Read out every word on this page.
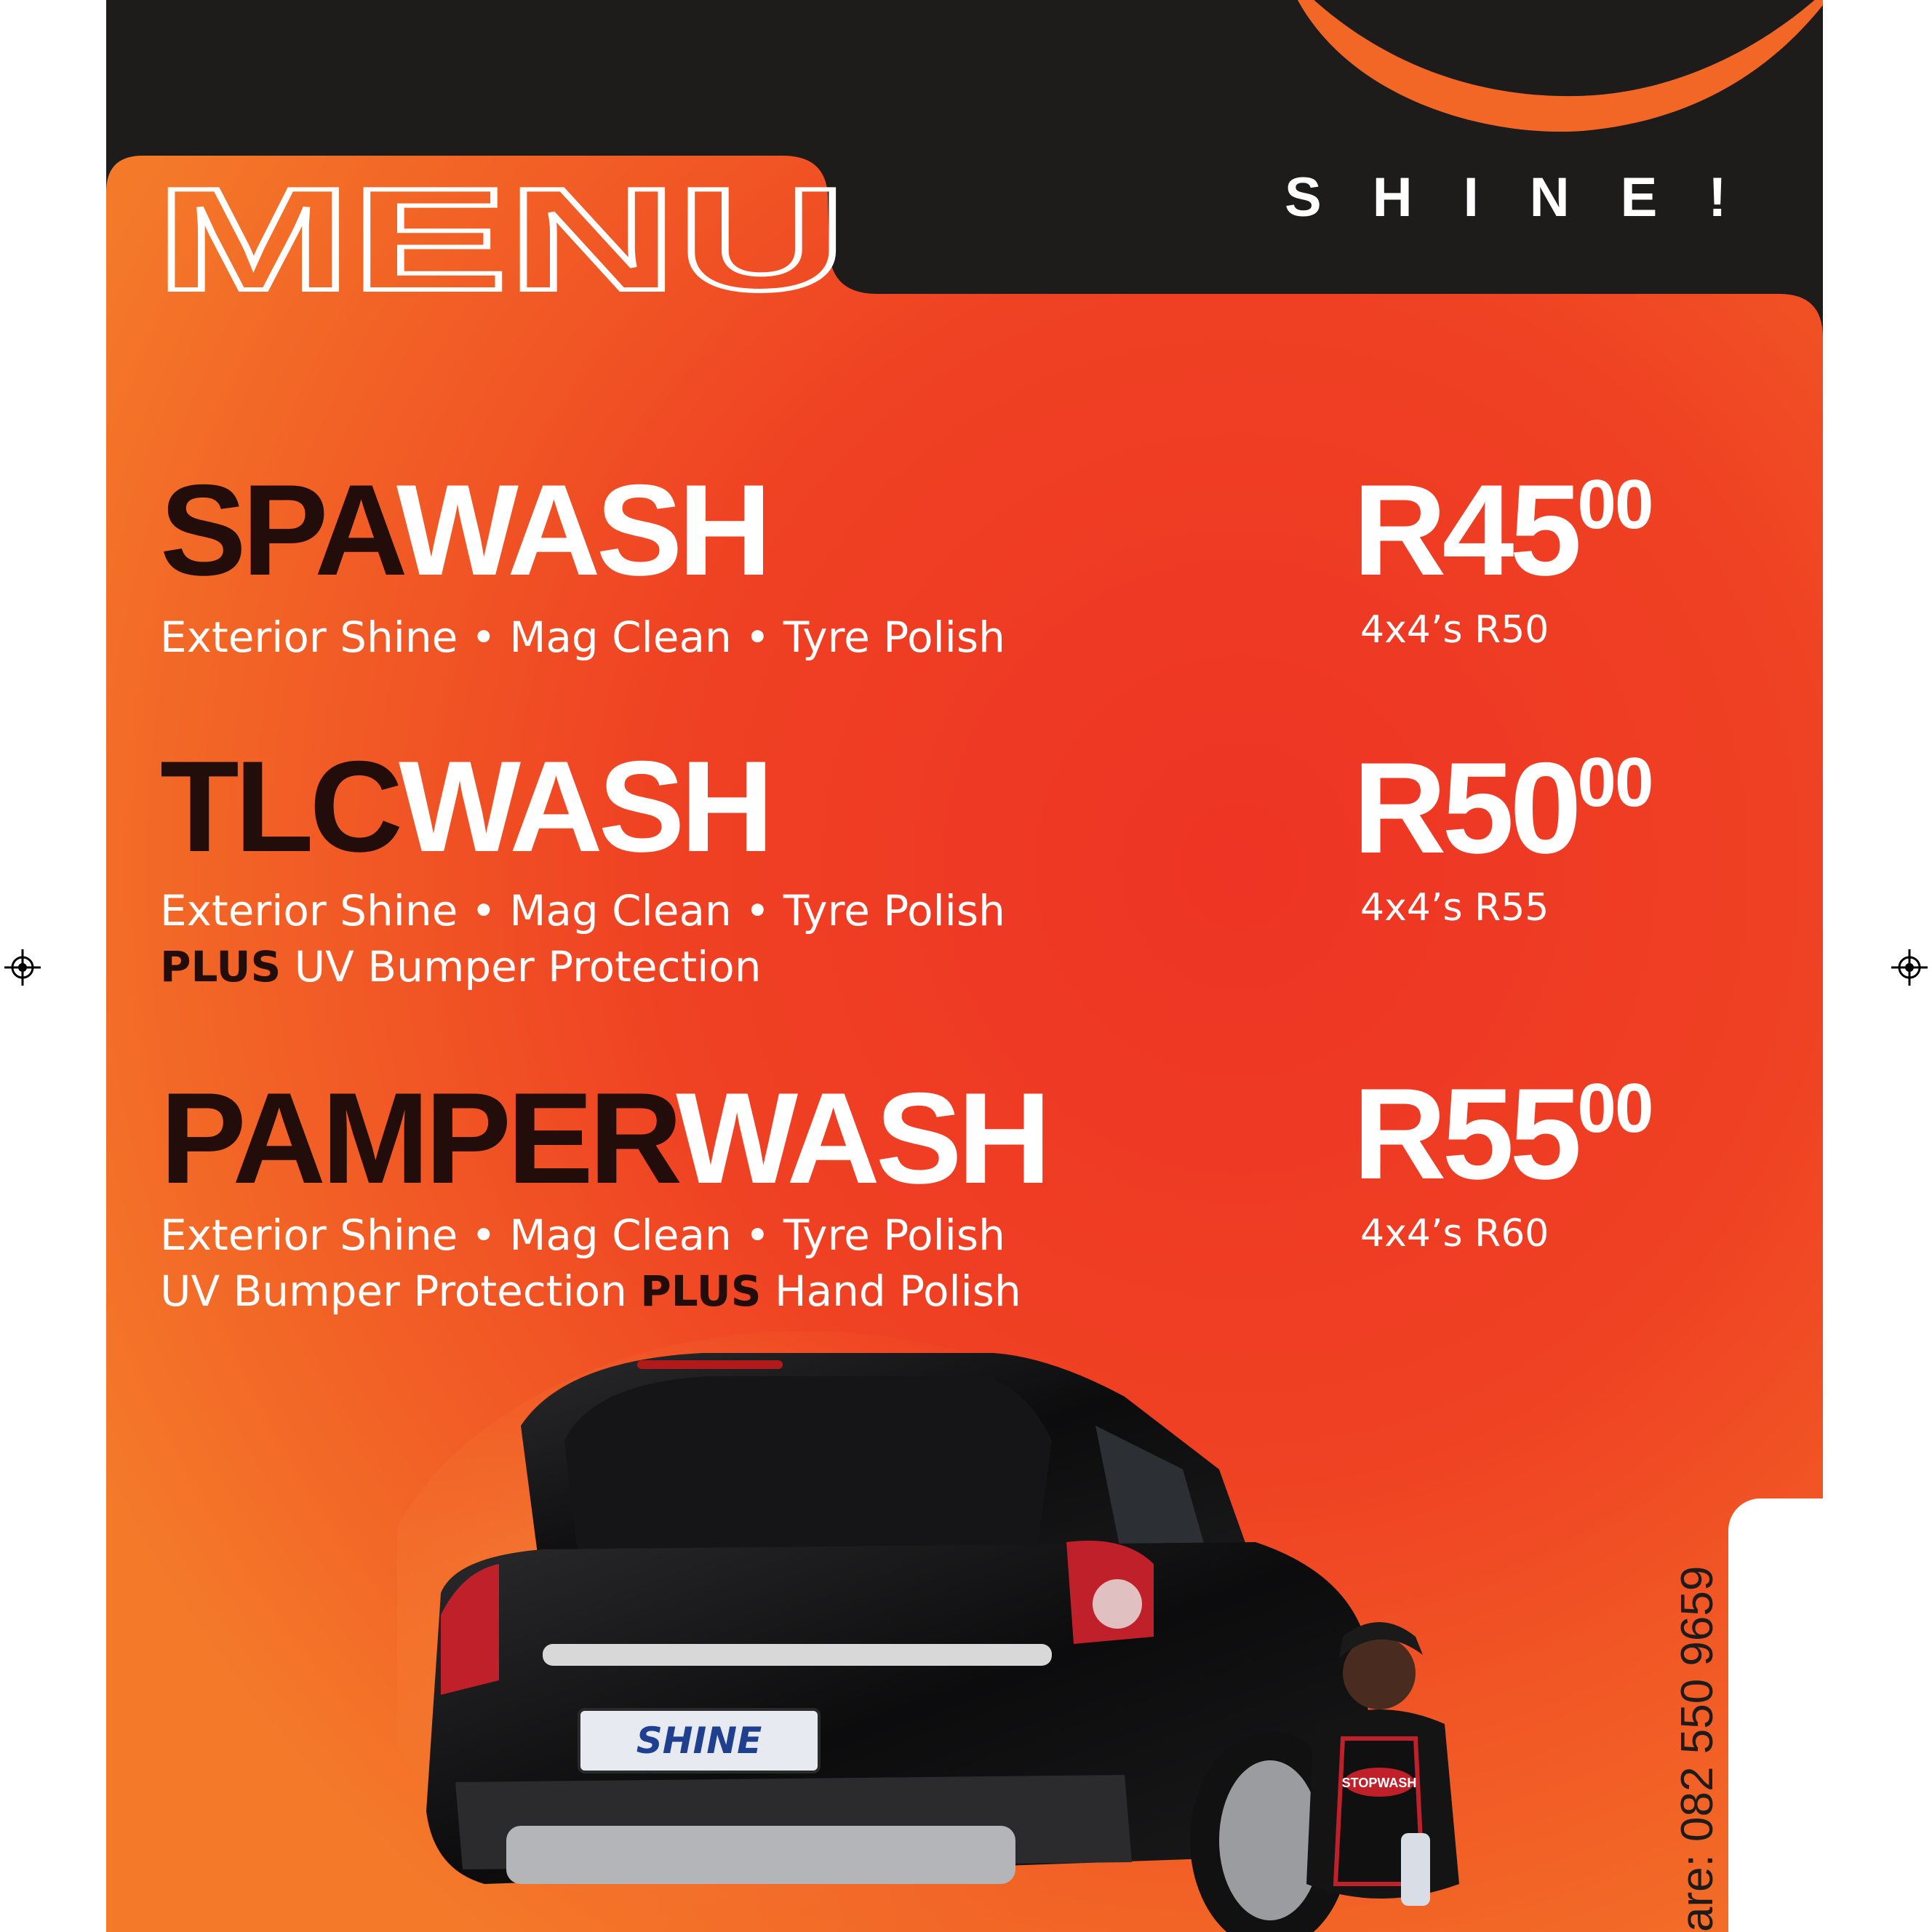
SHINE!
MENU
SPAWASH
Exterior Shine • Mag Clean • Tyre Polish
$R45^{00}$
4x4’s R50
TLCWASH
Exterior Shine • Mag Clean • Tyre Polish
PLUS UV Bumper Protection
$R50^{00}$
4x4’s R55
PAMPERWASH
Exterior Shine • Mag Clean • Tyre Polish
UV Bumper Protection PLUS Hand Polish
$R55^{00}$
4x4’s R60
SHINE
STOPWASH	are: 082 550 9659
